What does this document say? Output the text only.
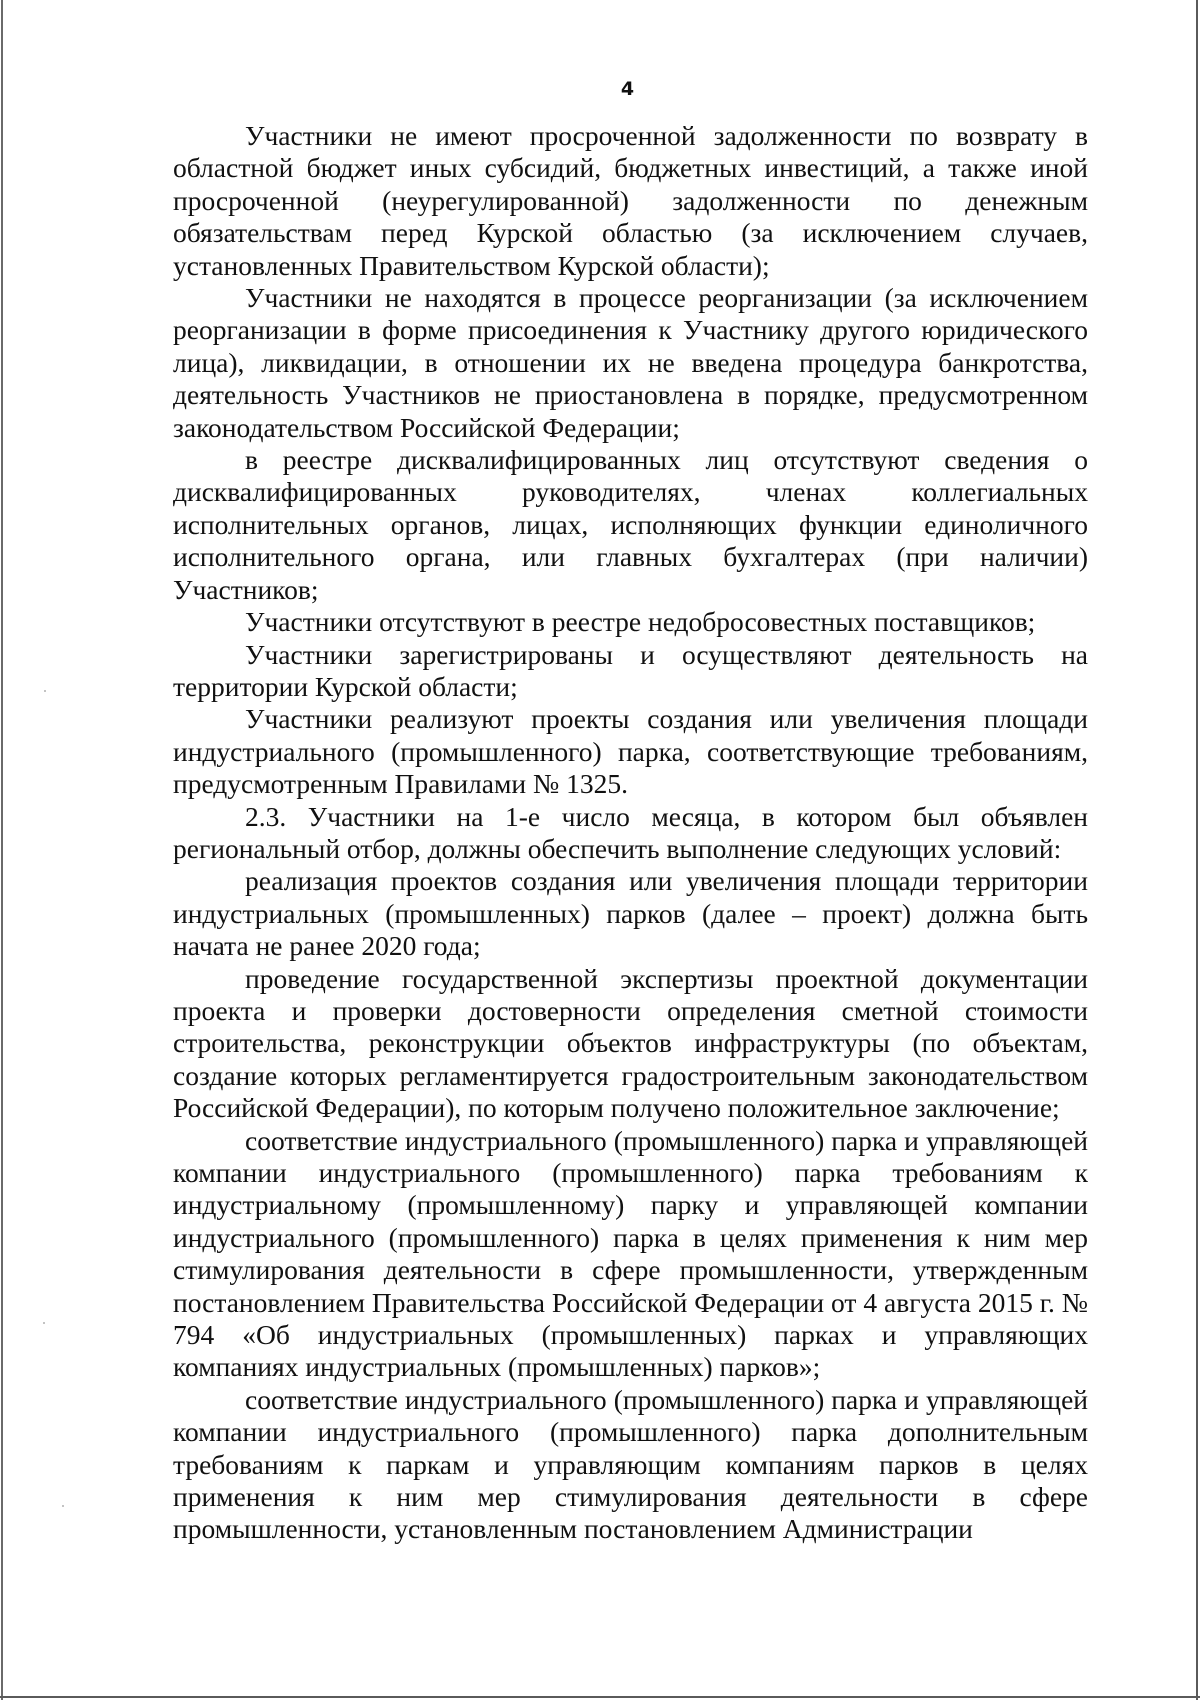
4

Участники не имеют просроченной задолженности по возврату в областной бюджет иных субсидий, бюджетных инвестиций, а также иной просроченной (неурегулированной) задолженности по денежным обязательствам перед Курской областью (за исключением случаев, установленных Правительством Курской области);

Участники не находятся в процессе реорганизации (за исключением реорганизации в форме присоединения к Участнику другого юридического лица), ликвидации, в отношении их не введена процедура банкротства, деятельность Участников не приостановлена в порядке, предусмотренном законодательством Российской Федерации;

в реестре дисквалифицированных лиц отсутствуют сведения о дисквалифицированных руководителях, членах коллегиальных исполнительных органов, лицах, исполняющих функции единоличного исполнительного органа, или главных бухгалтерах (при наличии) Участников;

Участники отсутствуют в реестре недобросовестных поставщиков;

Участники зарегистрированы и осуществляют деятельность на территории Курской области;

Участники реализуют проекты создания или увеличения площади индустриального (промышленного) парка, соответствующие требованиям, предусмотренным Правилами № 1325.

2.3. Участники на 1-е число месяца, в котором был объявлен региональный отбор, должны обеспечить выполнение следующих условий:

реализация проектов создания или увеличения площади территории индустриальных (промышленных) парков (далее – проект) должна быть начата не ранее 2020 года;

проведение государственной экспертизы проектной документации проекта и проверки достоверности определения сметной стоимости строительства, реконструкции объектов инфраструктуры (по объектам, создание которых регламентируется градостроительным законодательством Российской Федерации), по которым получено положительное заключение;

соответствие индустриального (промышленного) парка и управляющей компании индустриального (промышленного) парка требованиям к индустриальному (промышленному) парку и управляющей компании индустриального (промышленного) парка в целях применения к ним мер стимулирования деятельности в сфере промышленности, утвержденным постановлением Правительства Российской Федерации от 4 августа 2015 г. № 794 «Об индустриальных (промышленных) парках и управляющих компаниях индустриальных (промышленных) парков»;

соответствие индустриального (промышленного) парка и управляющей компании индустриального (промышленного) парка дополнительным требованиям к паркам и управляющим компаниям парков в целях применения к ним мер стимулирования деятельности в сфере промышленности, установленным постановлением Администрации
